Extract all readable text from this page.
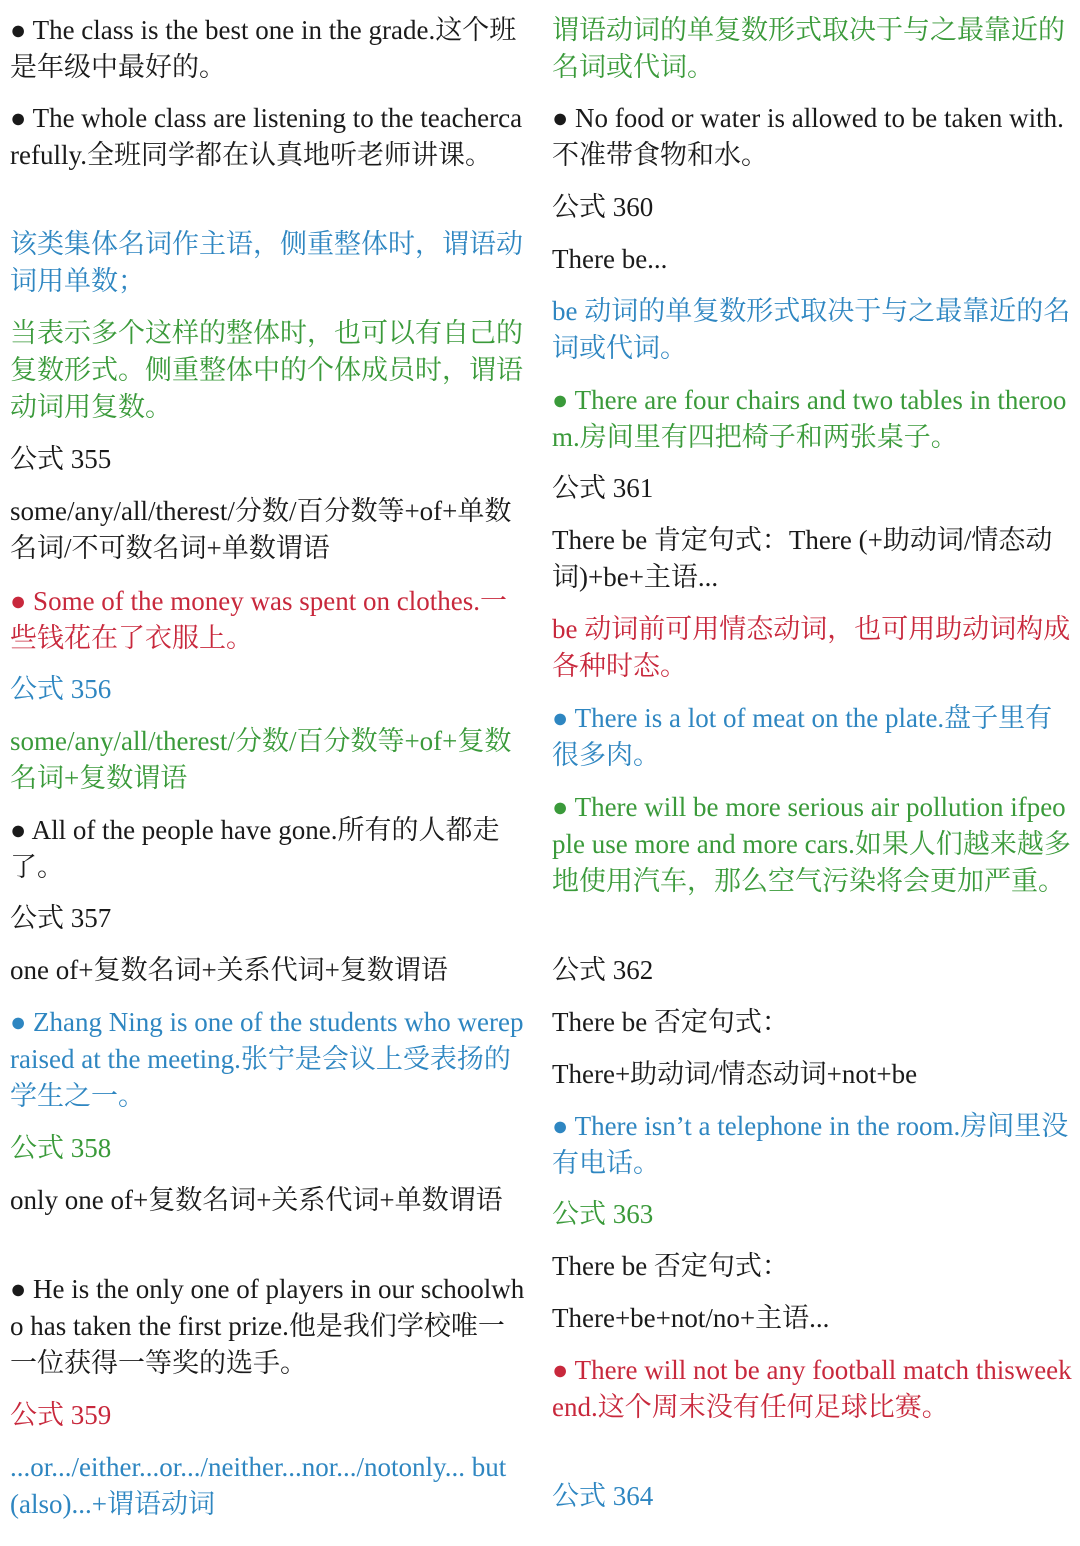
● The class is the best one in the grade.这个班是年级中最好的。

● The whole class are listening to the teachercarefully.全班同学都在认真地听老师讲课。

该类集体名词作主语，侧重整体时，谓语动词用单数；

当表示多个这样的整体时，也可以有自己的复数形式。侧重整体中的个体成员时，谓语动词用复数。

公式 355

some/any/all/therest/分数/百分数等+of+单数名词/不可数名词+单数谓语

● Some of the money was spent on clothes.一些钱花在了衣服上。

公式 356

some/any/all/therest/分数/百分数等+of+复数名词+复数谓语

● All of the people have gone.所有的人都走了。

公式 357

one of+复数名词+关系代词+复数谓语

● Zhang Ning is one of the students who werepraised at the meeting.张宁是会议上受表扬的学生之一。

公式 358

only one of+复数名词+关系代词+单数谓语

● He is the only one of players in our schoolwho has taken the first prize.他是我们学校唯一一位获得一等奖的选手。

公式 359

...or.../either...or.../neither...nor.../notonly... but (also)...+谓语动词

谓语动词的单复数形式取决于与之最靠近的名词或代词。

● No food or water is allowed to be taken with.不准带食物和水。

公式 360

There be...

be 动词的单复数形式取决于与之最靠近的名词或代词。

● There are four chairs and two tables in theroom.房间里有四把椅子和两张桌子。

公式 361

There be 肯定句式：There (+助动词/情态动词)+be+主语...

be 动词前可用情态动词，也可用助动词构成各种时态。

● There is a lot of meat on the plate.盘子里有很多肉。

● There will be more serious air pollution ifpeople use more and more cars.如果人们越来越多地使用汽车，那么空气污染将会更加严重。

公式 362

There be 否定句式：

There+助动词/情态动词+not+be

● There isn’t a telephone in the room.房间里没有电话。

公式 363

There be 否定句式：

There+be+not/no+主语...

● There will not be any football match thisweekend.这个周末没有任何足球比赛。

公式 364
